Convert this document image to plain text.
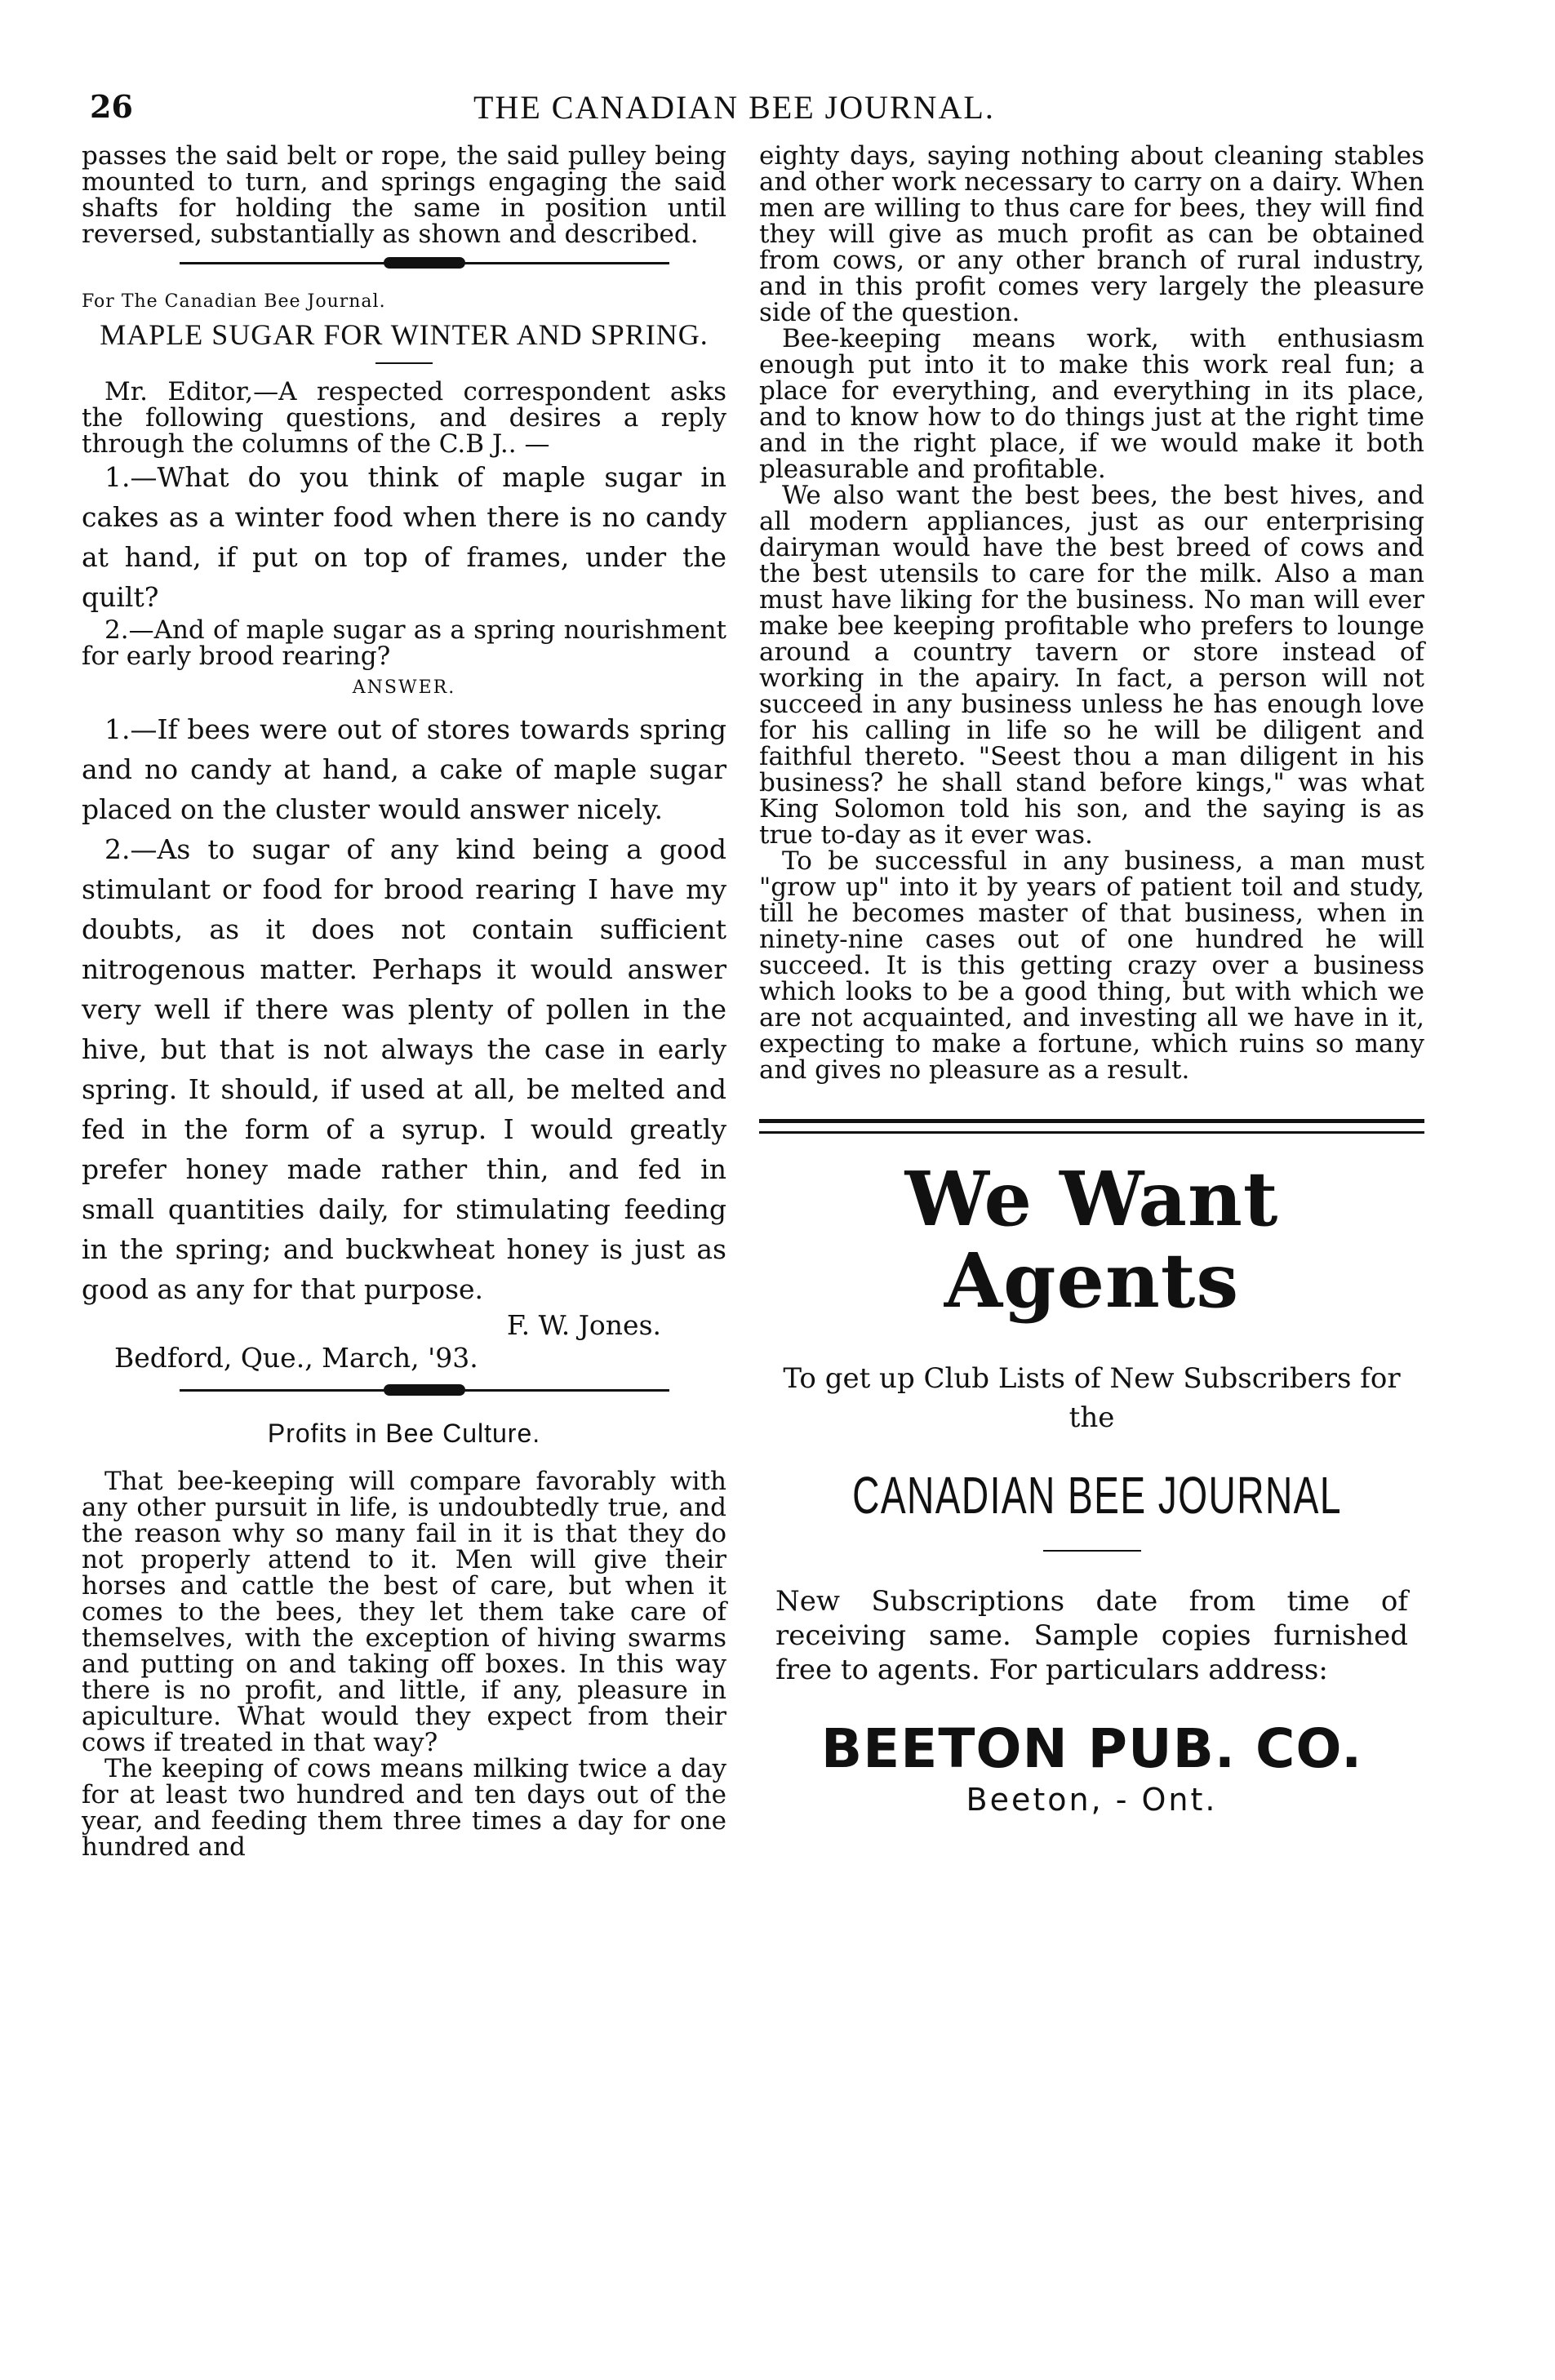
26	THE CANADIAN BEE JOURNAL.

passes the said belt or rope, the said pulley being mounted to turn, and springs engaging the said shafts for holding the same in position until reversed, substantially as shown and described.

For The Canadian Bee Journal.
MAPLE SUGAR FOR WINTER AND SPRING.

Mr. Editor,—A respected correspondent asks the following questions, and desires a reply through the columns of the C.B J.. —

1.—What do you think of maple sugar in cakes as a winter food when there is no candy at hand, if put on top of frames, under the quilt?

2.—And of maple sugar as a spring nourishment for early brood rearing?

ANSWER.

1.—If bees were out of stores towards spring and no candy at hand, a cake of maple sugar placed on the cluster would answer nicely.

2.—As to sugar of any kind being a good stimulant or food for brood rearing I have my doubts, as it does not contain sufficient nitrogenous matter. Perhaps it would answer very well if there was plenty of pollen in the hive, but that is not always the case in early spring. It should, if used at all, be melted and fed in the form of a syrup. I would greatly prefer honey made rather thin, and fed in small quantities daily, for stimulating feeding in the spring; and buckwheat honey is just as good as any for that purpose.

F. W. Jones.
Bedford, Que., March, '93.
Profits in Bee Culture.

That bee-keeping will compare favorably with any other pursuit in life, is undoubtedly true, and the reason why so many fail in it is that they do not properly attend to it. Men will give their horses and cattle the best of care, but when it comes to the bees, they let them take care of themselves, with the exception of hiving swarms and putting on and taking off boxes. In this way there is no profit, and little, if any, pleasure in apiculture. What would they expect from their cows if treated in that way?

The keeping of cows means milking twice a day for at least two hundred and ten days out of the year, and feeding them three times a day for one hundred and

eighty days, saying nothing about cleaning stables and other work necessary to carry on a dairy. When men are willing to thus care for bees, they will find they will give as much profit as can be obtained from cows, or any other branch of rural industry, and in this profit comes very largely the pleasure side of the question.

Bee-keeping means work, with enthusiasm enough put into it to make this work real fun; a place for everything, and everything in its place, and to know how to do things just at the right time and in the right place, if we would make it both pleasurable and profitable.

We also want the best bees, the best hives, and all modern appliances, just as our enterprising dairyman would have the best breed of cows and the best utensils to care for the milk. Also a man must have liking for the business. No man will ever make bee keeping profitable who prefers to lounge around a country tavern or store instead of working in the apairy. In fact, a person will not succeed in any business unless he has enough love for his calling in life so he will be diligent and faithful thereto. "Seest thou a man diligent in his business? he shall stand before kings," was what King Solomon told his son, and the saying is as true to-day as it ever was.

To be successful in any business, a man must "grow up" into it by years of patient toil and study, till he becomes master of that business, when in ninety-nine cases out of one hundred he will succeed. It is this getting crazy over a business which looks to be a good thing, but with which we are not acquainted, and investing all we have in it, expecting to make a fortune, which ruins so many and gives no pleasure as a result.

We Want Agents
To get up Club Lists of New Subscribers for the
CANADIAN BEE JOURNAL
New Subscriptions date from time of receiving same. Sample copies furnished free to agents. For particulars address:
BEETON PUB. CO.
Beeton, - Ont.
